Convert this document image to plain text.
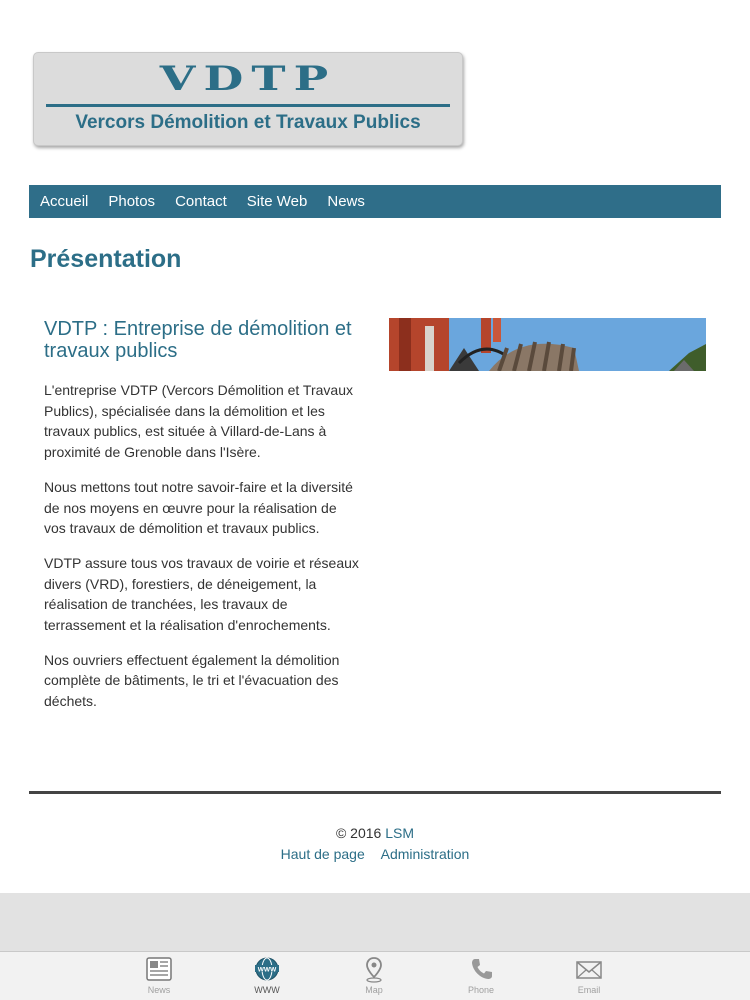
VDTP
Vercors Démolition et Travaux Publics
Accueil	Photos	Contact	Site Web	News
Présentation
VDTP : Entreprise de démolition et travaux publics

L'entreprise VDTP (Vercors Démolition et Travaux Publics), spécialisée dans la démolition et les travaux publics, est située à Villard-de-Lans à proximité de Grenoble dans l'Isère.

Nous mettons tout notre savoir-faire et la diversité de nos moyens en œuvre pour la réalisation de vos travaux de démolition et travaux publics.

VDTP assure tous vos travaux de voirie et réseaux divers (VRD), forestiers, de déneigement, la réalisation de tranchées, les travaux de terrassement et la réalisation d'enrochements.

Nos ouvriers effectuent également la démolition complète de bâtiments, le tri et l'évacuation des déchets.

© 2016 LSM
Haut de page Administration
News
WWW
WWW	Map	Phone	Email
